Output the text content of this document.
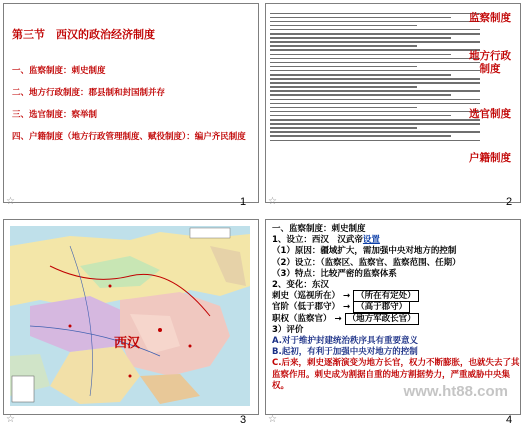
第三节　西汉的政治经济制度
一、监察制度：刺史制度
二、地方行政制度：郡县制和封国制并存
三、选官制度：察举制
四、户籍制度（地方行政管理制度、赋役制度）：编户齐民制度
☆	1
监察制度
地方行政制度
选官制度
户籍制度
☆	2
西汉
☆	3
一、监察制度：刺史制度
1、设立：西汉　汉武帝设置
（1）原因：疆域扩大，需加强中央对地方的控制
（2）设立：（监察区、监察官、监察范围、任期）
（3）特点：比较严密的监察体系
2、变化：东汉
刺史（巡视所在） → （所在有定处）
官阶（低于郡守） → （高于郡守）
职权（监察官） → （地方军政长官）
3）评价
A.对于维护封建统治秩序具有重要意义
B.起初，有利于加强中央对地方的控制
C.后来，刺史逐渐演变为地方长官，权力不断膨胀，也就失去了其监察作用。刺史成为割据自重的地方割据势力，严重威胁中央集权。	www.ht88.com
☆	4
